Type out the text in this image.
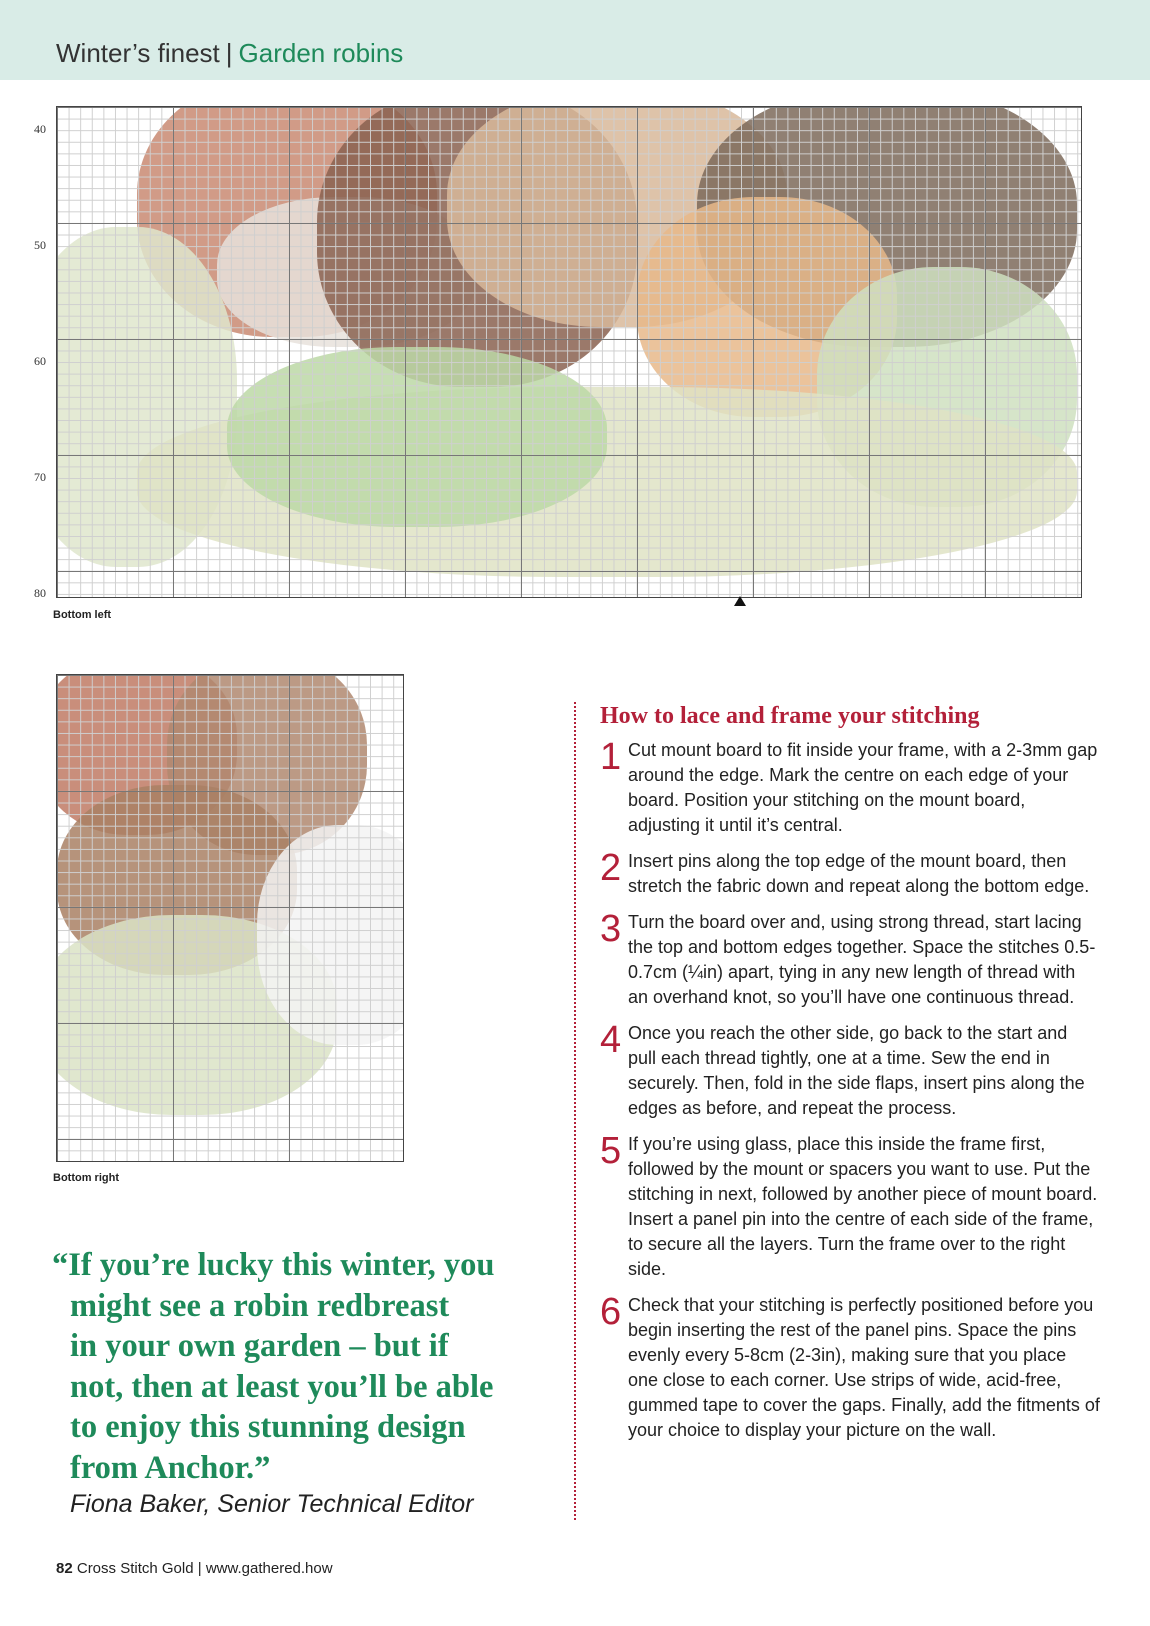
Winter’s finest | Garden robins
40
50
60
70
80
Bottom left
Bottom right
“If you’re lucky this winter, you
might see a robin redbreast
in your own garden – but if
not, then at least you’ll be able
to enjoy this stunning design
from Anchor.”
Fiona Baker, Senior Technical Editor
How to lace and frame your stitching
1 Cut mount board to fit inside your frame, with a 2-3mm gap around the edge. Mark the centre on each edge of your board. Position your stitching on the mount board, adjusting it until it’s central.
2 Insert pins along the top edge of the mount board, then stretch the fabric down and repeat along the bottom edge.
3 Turn the board over and, using strong thread, start lacing the top and bottom edges together. Space the stitches 0.5-0.7cm (¼in) apart, tying in any new length of thread with an overhand knot, so you’ll have one continuous thread.
4 Once you reach the other side, go back to the start and pull each thread tightly, one at a time. Sew the end in securely. Then, fold in the side flaps, insert pins along the edges as before, and repeat the process.
5 If you’re using glass, place this inside the frame first, followed by the mount or spacers you want to use. Put the stitching in next, followed by another piece of mount board. Insert a panel pin into the centre of each side of the frame, to secure all the layers. Turn the frame over to the right side.
6 Check that your stitching is perfectly positioned before you begin inserting the rest of the panel pins. Space the pins evenly every 5-8cm (2-3in), making sure that you place one close to each corner. Use strips of wide, acid-free, gummed tape to cover the gaps. Finally, add the fitments of your choice to display your picture on the wall.
82 Cross Stitch Gold | www.gathered.how
